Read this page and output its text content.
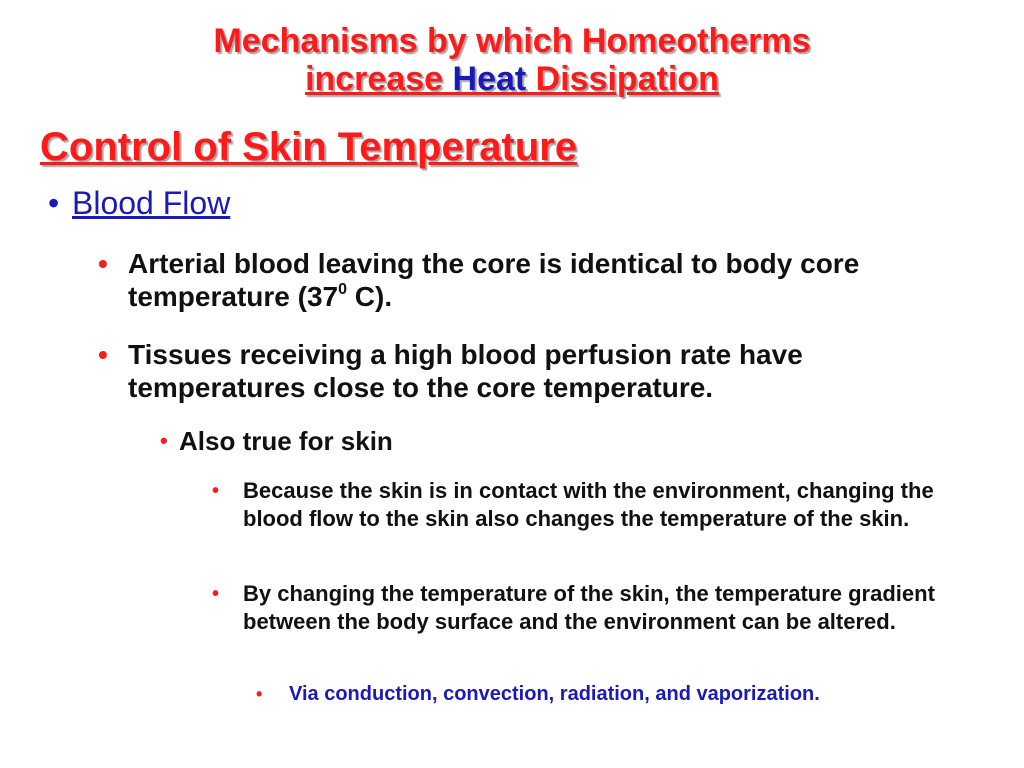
Mechanisms by which Homeotherms
increase Heat Dissipation
Control of Skin Temperature
• Blood Flow
• Arterial blood leaving the core is identical to body core temperature ($37^0$ C).
• Tissues receiving a high blood perfusion rate have temperatures close to the core temperature.
• Also true for skin
• Because the skin is in contact with the environment, changing the blood flow to the skin also changes the temperature of the skin.
• By changing the temperature of the skin, the temperature gradient between the body surface and the environment can be altered.
• Via conduction, convection, radiation, and vaporization.
